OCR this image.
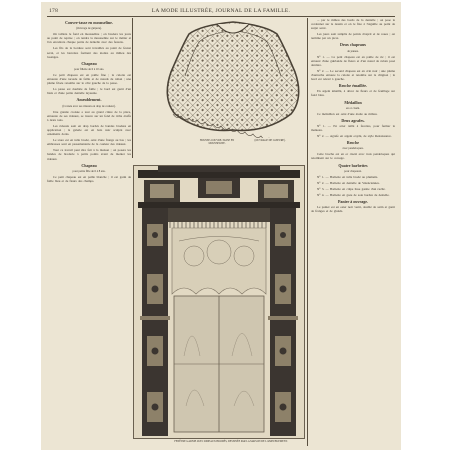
178	LA MODE ILLUSTRÉE, JOURNAL DE LA FAMILLE.
Couvre-tasse en mousseline.
(Ouvrage de guipure).
On taillera le fond en mousseline ; on brodera les jours au point de reprise ; on tendra la mousseline sur le métier et l'on encadrera chaque partie de dentelle avec des festons.
Les fils de la bordure sont travaillés au point de feston serré, et les barrettes forment des étoiles au milieu des losanges.
Chapeau
pour fillette de 6 à 10 ans.
Ce petit chapeau est en paille fine ; la calotte est entourée d'une torsade de faille et de nœuds de ruban ; une plume frisée retombe sur le côté gauche de la passe.
La passe est doublée de faille ; le bord est garni d'un biais et d'une petite dentelle tuyautée.
Ameublement.
(Croisée avec ses rideaux en drap de couleur).
Une grande croisée a tout au grand cintre de la pièce, entourée de ses rideaux, se trouve sur un fond de riche étoffe à deux tons.
Les rideaux sont en drap bordés de bandes brodées en application ; la galerie est en bois noir sculpté avec ornements dorés.
Le store est en tulle brodé, orné d'une frange au bas ; les embrasses sont en passementerie de la couleur des rideaux.
Tout ce travail peut être fait à la maison ; on posera les bandes de broderie à petits points avant de monter les rideaux.
Chapeau
pour petite fille de 6 à 8 ans.
Ce petit chapeau est en paille blanche ; il est garni de faille bleu et de fleurs des champs.
HOUSSE-COUVRE-TASSE EN MOUSSELINE.
(OUVRAGE DE GUIPURE).
... par le milieu des bords de la dentelle ; on pose le cordonnet sur le dessin et on le fixe à l'aiguille au point de surjet serré.
Les jours sont remplis de points d'esprit et de roues ; on termine par un picot.
Deux chapeaux
de jeunes.
N° 1. — Ce petit chapeau est en paille de riz ; il est entouré d'une guirlande de fleurs et d'un nœud de ruban posé derrière.
N° 2. — Le second chapeau est en crin noir ; une plume d'autruche entoure la calotte et retombe sur le chignon ; le bord est relevé à gauche.
Broche émaillée.
En argent émaillé, à décor de fleurs et de feuillage sur fond bleu.
Médaillon
en or ciselé.
Ce médaillon est orné d'une étoile au milieu.
Deux agrafes.
N° 1. — En acier taillé à facettes, pour fermer le manteau.
N° 2. — Agrafe en argent oxydé, de style Renaissance.
Broche
avec pendeloques.
Cette broche est en or ciselé avec trois pendeloques qui retombent sur le corsage.
Quatre barbettes
pour chapeaux.
N° 1. — Barbette en tulle brodé au plumetis.
N° 2. — Barbette en dentelle de Valenciennes.
N° 3. — Barbette en crêpe lisse garnie d'un ruché.
N° 4. — Barbette en gaze de soie bordée de dentelle.
Panier à ouvrage.
Le panier est en osier noir verni, doublé de satin et garni de franges et de glands.
FENÊTRE GARNIE AVEC RIDEAUX BRODÉS, DESSINÉE PAR LA MAISON DE L'AMEUBLEMENT.
